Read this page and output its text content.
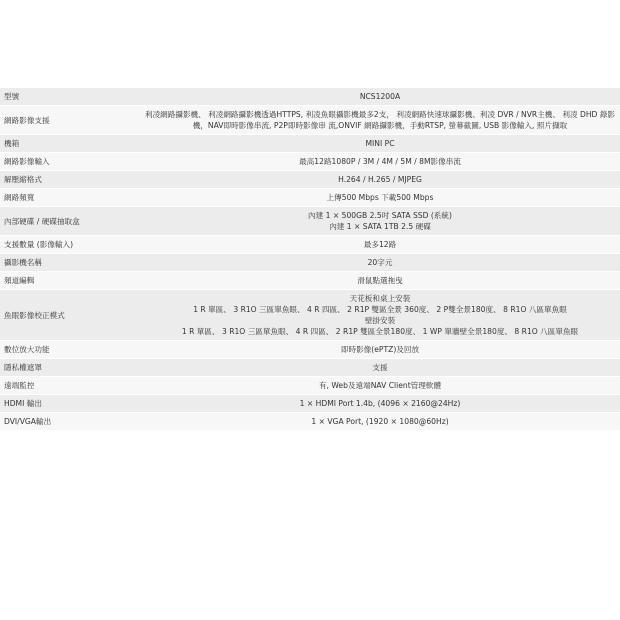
型號	NCS1200A

網路影像支援	利凌網路攝影機、 利凌網路攝影機透過HTTPS, 利凌魚眼攝影機最多2支， 利凌網路快速球攝影機、利凌 DVR / NVR主機、 利凌 DHD 錄影機，NAV即時影像串流, P2P即時影像串 流,ONVIF 網路攝影機，手動RTSP, 螢幕截圖, USB 影像輸入, 照片擷取

機箱	MINI PC

網路影像輸入	最高12路1080P / 3M / 4M / 5M / 8M影像串流

解壓縮格式	H.264 / H.265 / MJPEG

網路頻寬	上傳500 Mbps 下載500 Mbps

內部硬碟 / 硬碟抽取盒	內建 1 × 500GB 2.5吋 SATA SSD (系統)
內建 1 × SATA 1TB 2.5 硬碟

支援數量 (影像輸入)	最多12路

攝影機名稱	20字元

頻道編輯	滑鼠點選拖曳

魚眼影像校正模式	天花板和桌上安裝
1 R 單區、 3 R1O 三區單魚眼、 4 R 四區、 2 R1P 雙區全景 360度、 2 P雙全景180度、 8 R1O 八區單魚眼
壁掛安裝
1 R 單區、 3 R1O 三區單魚眼、 4 R 四區、 2 R1P 雙區全景180度、 1 WP 單牆壁全景180度、 8 R1O 八區單魚眼

數位放大功能	即時影像(ePTZ)及回放

隱私權遮罩	支援

遠端監控	有, Web及遠端NAV Client管理軟體

HDMI 輸出	1 × HDMI Port 1.4b, (4096 × 2160@24Hz)

DVI/VGA輸出	1 × VGA Port, (1920 × 1080@60Hz)
